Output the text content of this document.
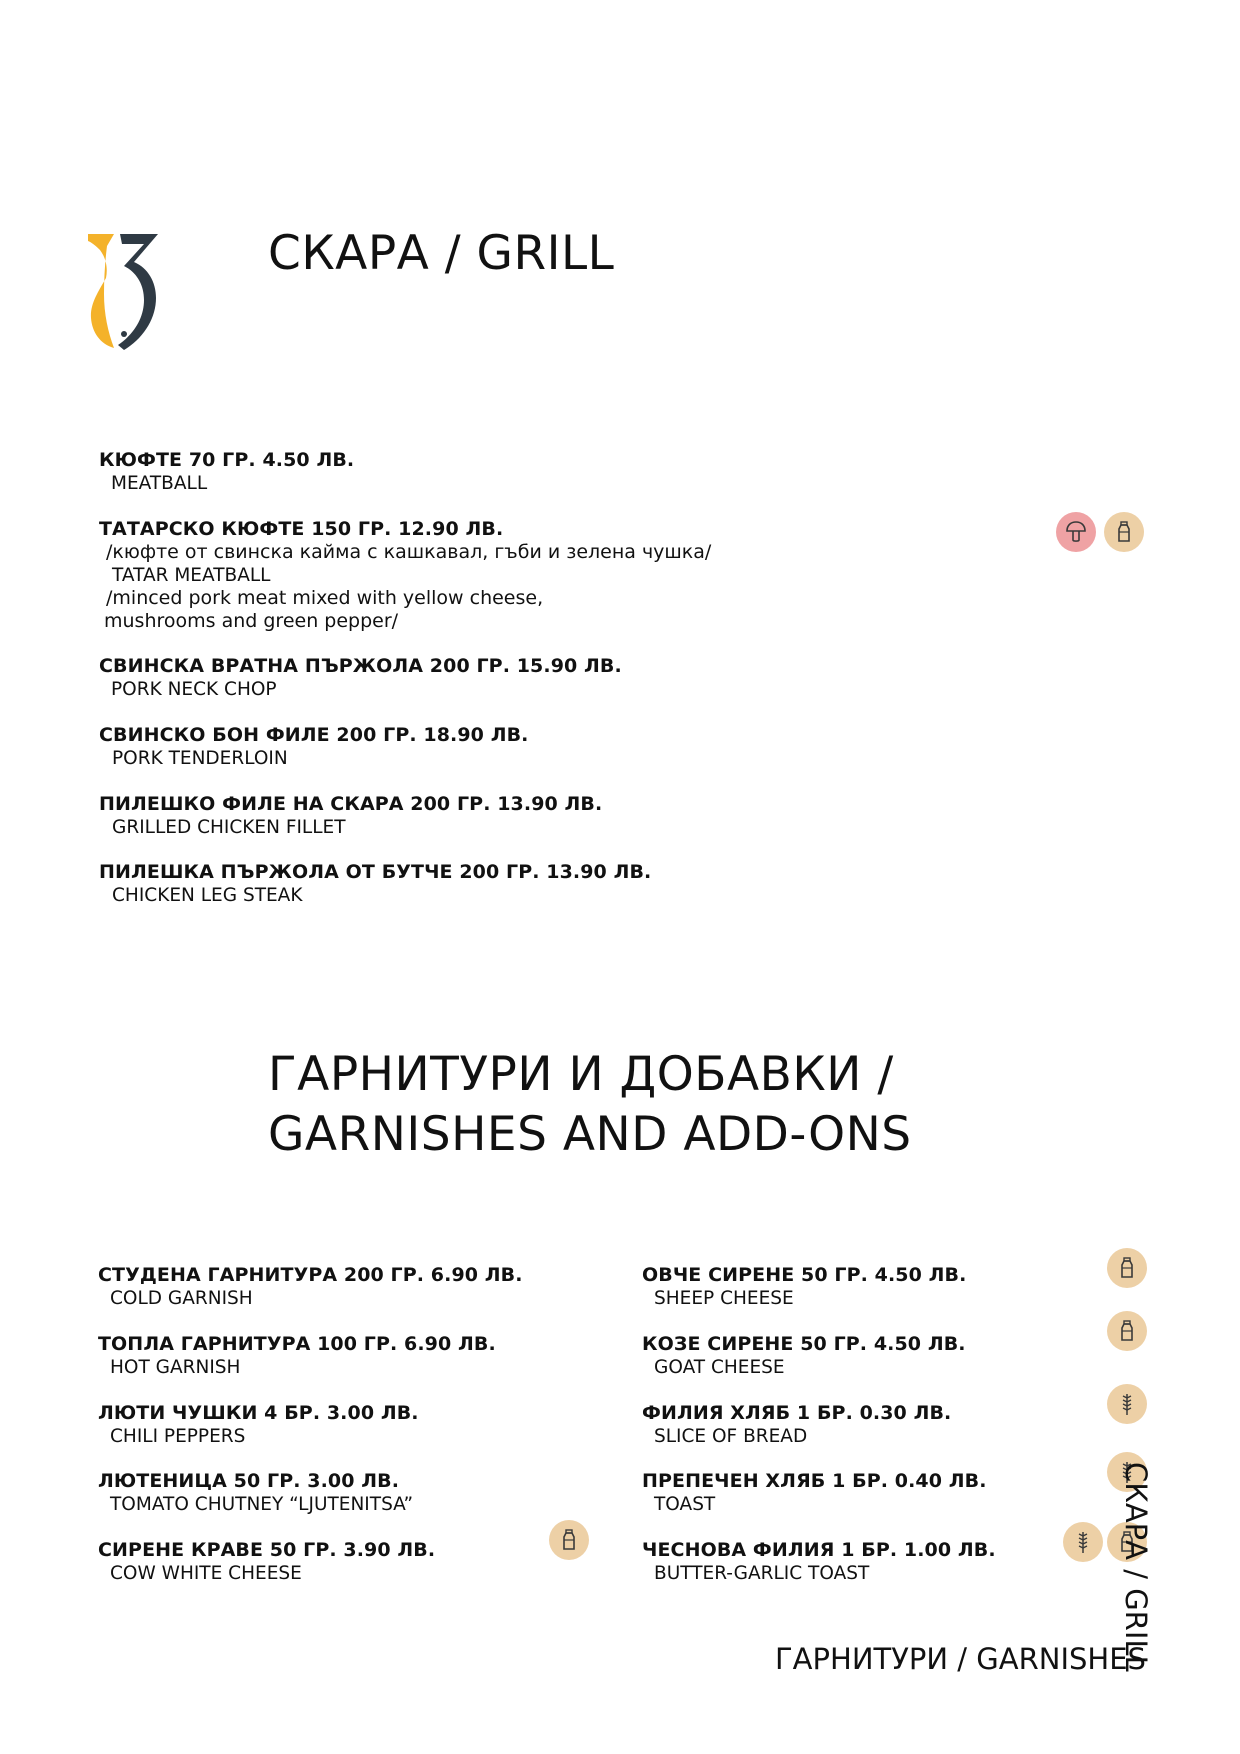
СКАРА / GRILL
КЮФТЕ 70 ГР. 4.50 ЛВ.
MEATBALL
ТАТАРСКО КЮФТЕ 150 ГР. 12.90 ЛВ.
/кюфте от свинска кайма с кашкавал, гъби и зелена чушка/
TATAR MEATBALL
/minced pork meat mixed with yellow cheese,
mushrooms and green pepper/
СВИНСКА ВРАТНА ПЪРЖОЛА 200 ГР. 15.90 ЛВ.
PORK NECK CHOP
СВИНСКО БОН ФИЛЕ 200 ГР. 18.90 ЛВ.
PORK TENDERLOIN
ПИЛЕШКО ФИЛЕ НА СКАРА 200 ГР. 13.90 ЛВ.
GRILLED CHICKEN FILLET
ПИЛЕШКА ПЪРЖОЛА ОТ БУТЧЕ 200 ГР. 13.90 ЛВ.
CHICKEN LEG STEAK
ГАРНИТУРИ И ДОБАВКИ /
GARNISHES AND ADD-ONS
СТУДЕНА ГАРНИТУРА 200 ГР. 6.90 ЛВ.
COLD GARNISH
ТОПЛА ГАРНИТУРА 100 ГР. 6.90 ЛВ.
HOT GARNISH
ЛЮТИ ЧУШКИ 4 БР. 3.00 ЛВ.
CHILI PEPPERS
ЛЮТЕНИЦА 50 ГР. 3.00 ЛВ.
TOMATO CHUTNEY “LJUTENITSA”
СИРЕНЕ КРАВЕ 50 ГР. 3.90 ЛВ.
COW WHITE CHEESE
ОВЧЕ СИРЕНЕ 50 ГР. 4.50 ЛВ.
SHEEP CHEESE
КОЗЕ СИРЕНЕ 50 ГР. 4.50 ЛВ.
GOAT CHEESE
ФИЛИЯ ХЛЯБ 1 БР. 0.30 ЛВ.
SLICE OF BREAD
ПРЕПЕЧЕН ХЛЯБ 1 БР. 0.40 ЛВ.
TOAST
ЧЕСНОВА ФИЛИЯ 1 БР. 1.00 ЛВ.
BUTTER-GARLIC TOAST
ГАРНИТУРИ / GARNISHES
СКАРА / GRILL
